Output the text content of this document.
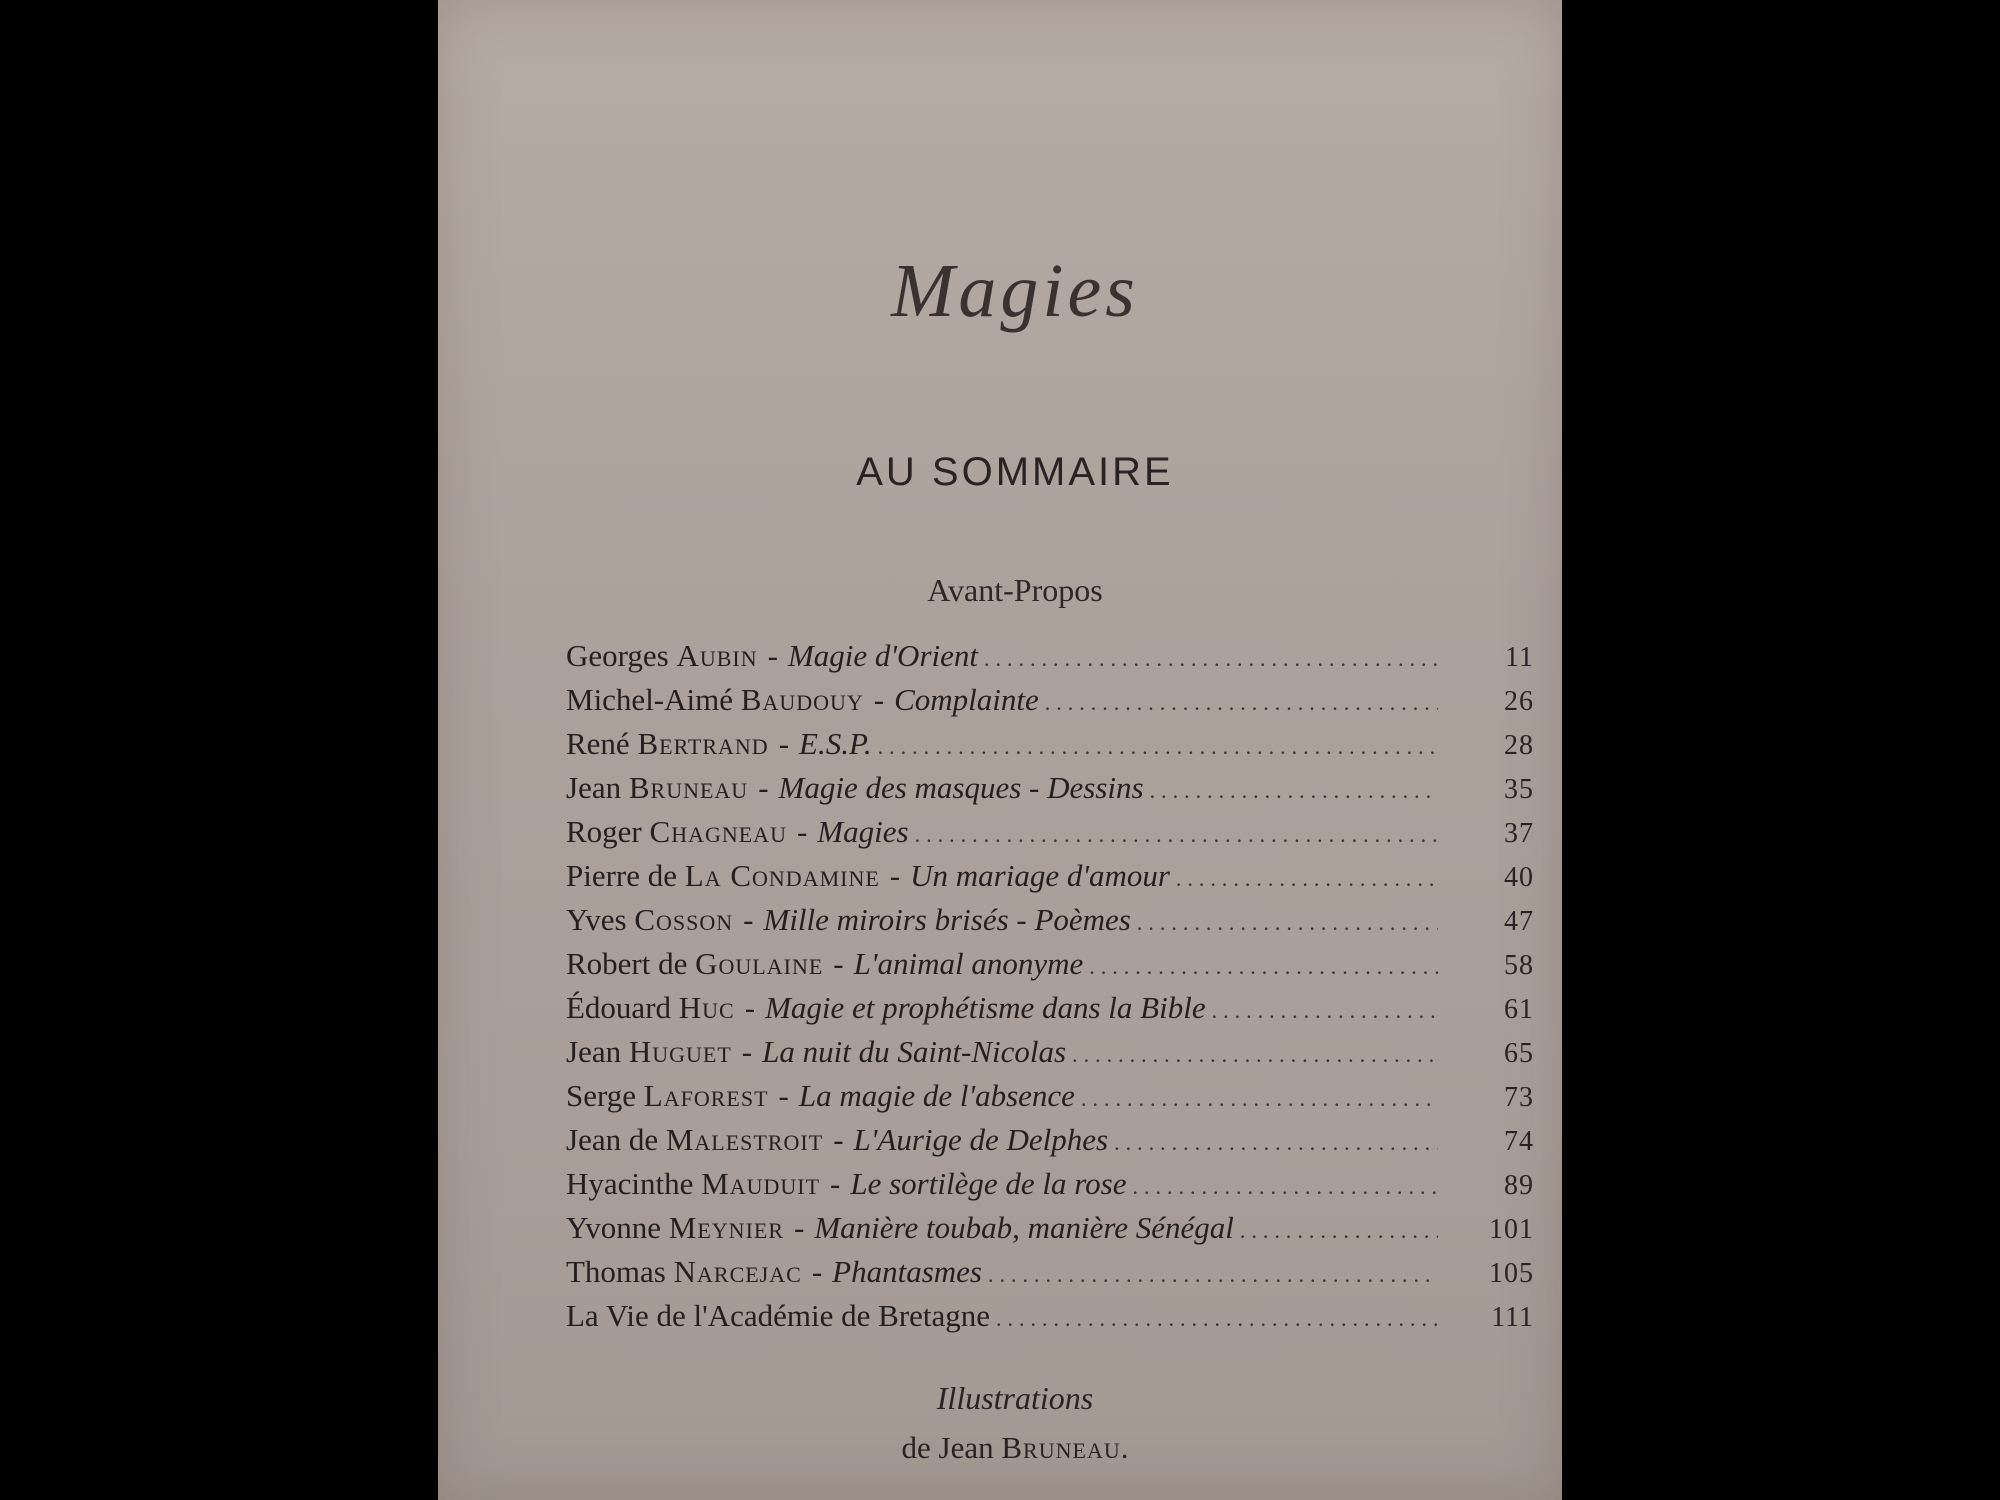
Magies
AU SOMMAIRE
Avant-Propos
Georges Aubin - Magie d'Orient .....	11
Michel-Aimé Baudouy - Complainte .....	26
René Bertrand - E.S.P. .....	28
Jean Bruneau - Magie des masques - Dessins .....	35
Roger Chagneau - Magies .....	37
Pierre de La Condamine - Un mariage d'amour .....	40
Yves Cosson - Mille miroirs brisés - Poèmes .....	47
Robert de Goulaine - L'animal anonyme .....	58
Édouard Huc - Magie et prophétisme dans la Bible .....	61
Jean Huguet - La nuit du Saint-Nicolas .....	65
Serge Laforest - La magie de l'absence .....	73
Jean de Malestroit - L'Aurige de Delphes .....	74
Hyacinthe Mauduit - Le sortilège de la rose .....	89
Yvonne Meynier - Manière toubab, manière Sénégal .....	101
Thomas Narcejac - Phantasmes .....	105
La Vie de l'Académie de Bretagne .....	111
Illustrations
de Jean Bruneau.
